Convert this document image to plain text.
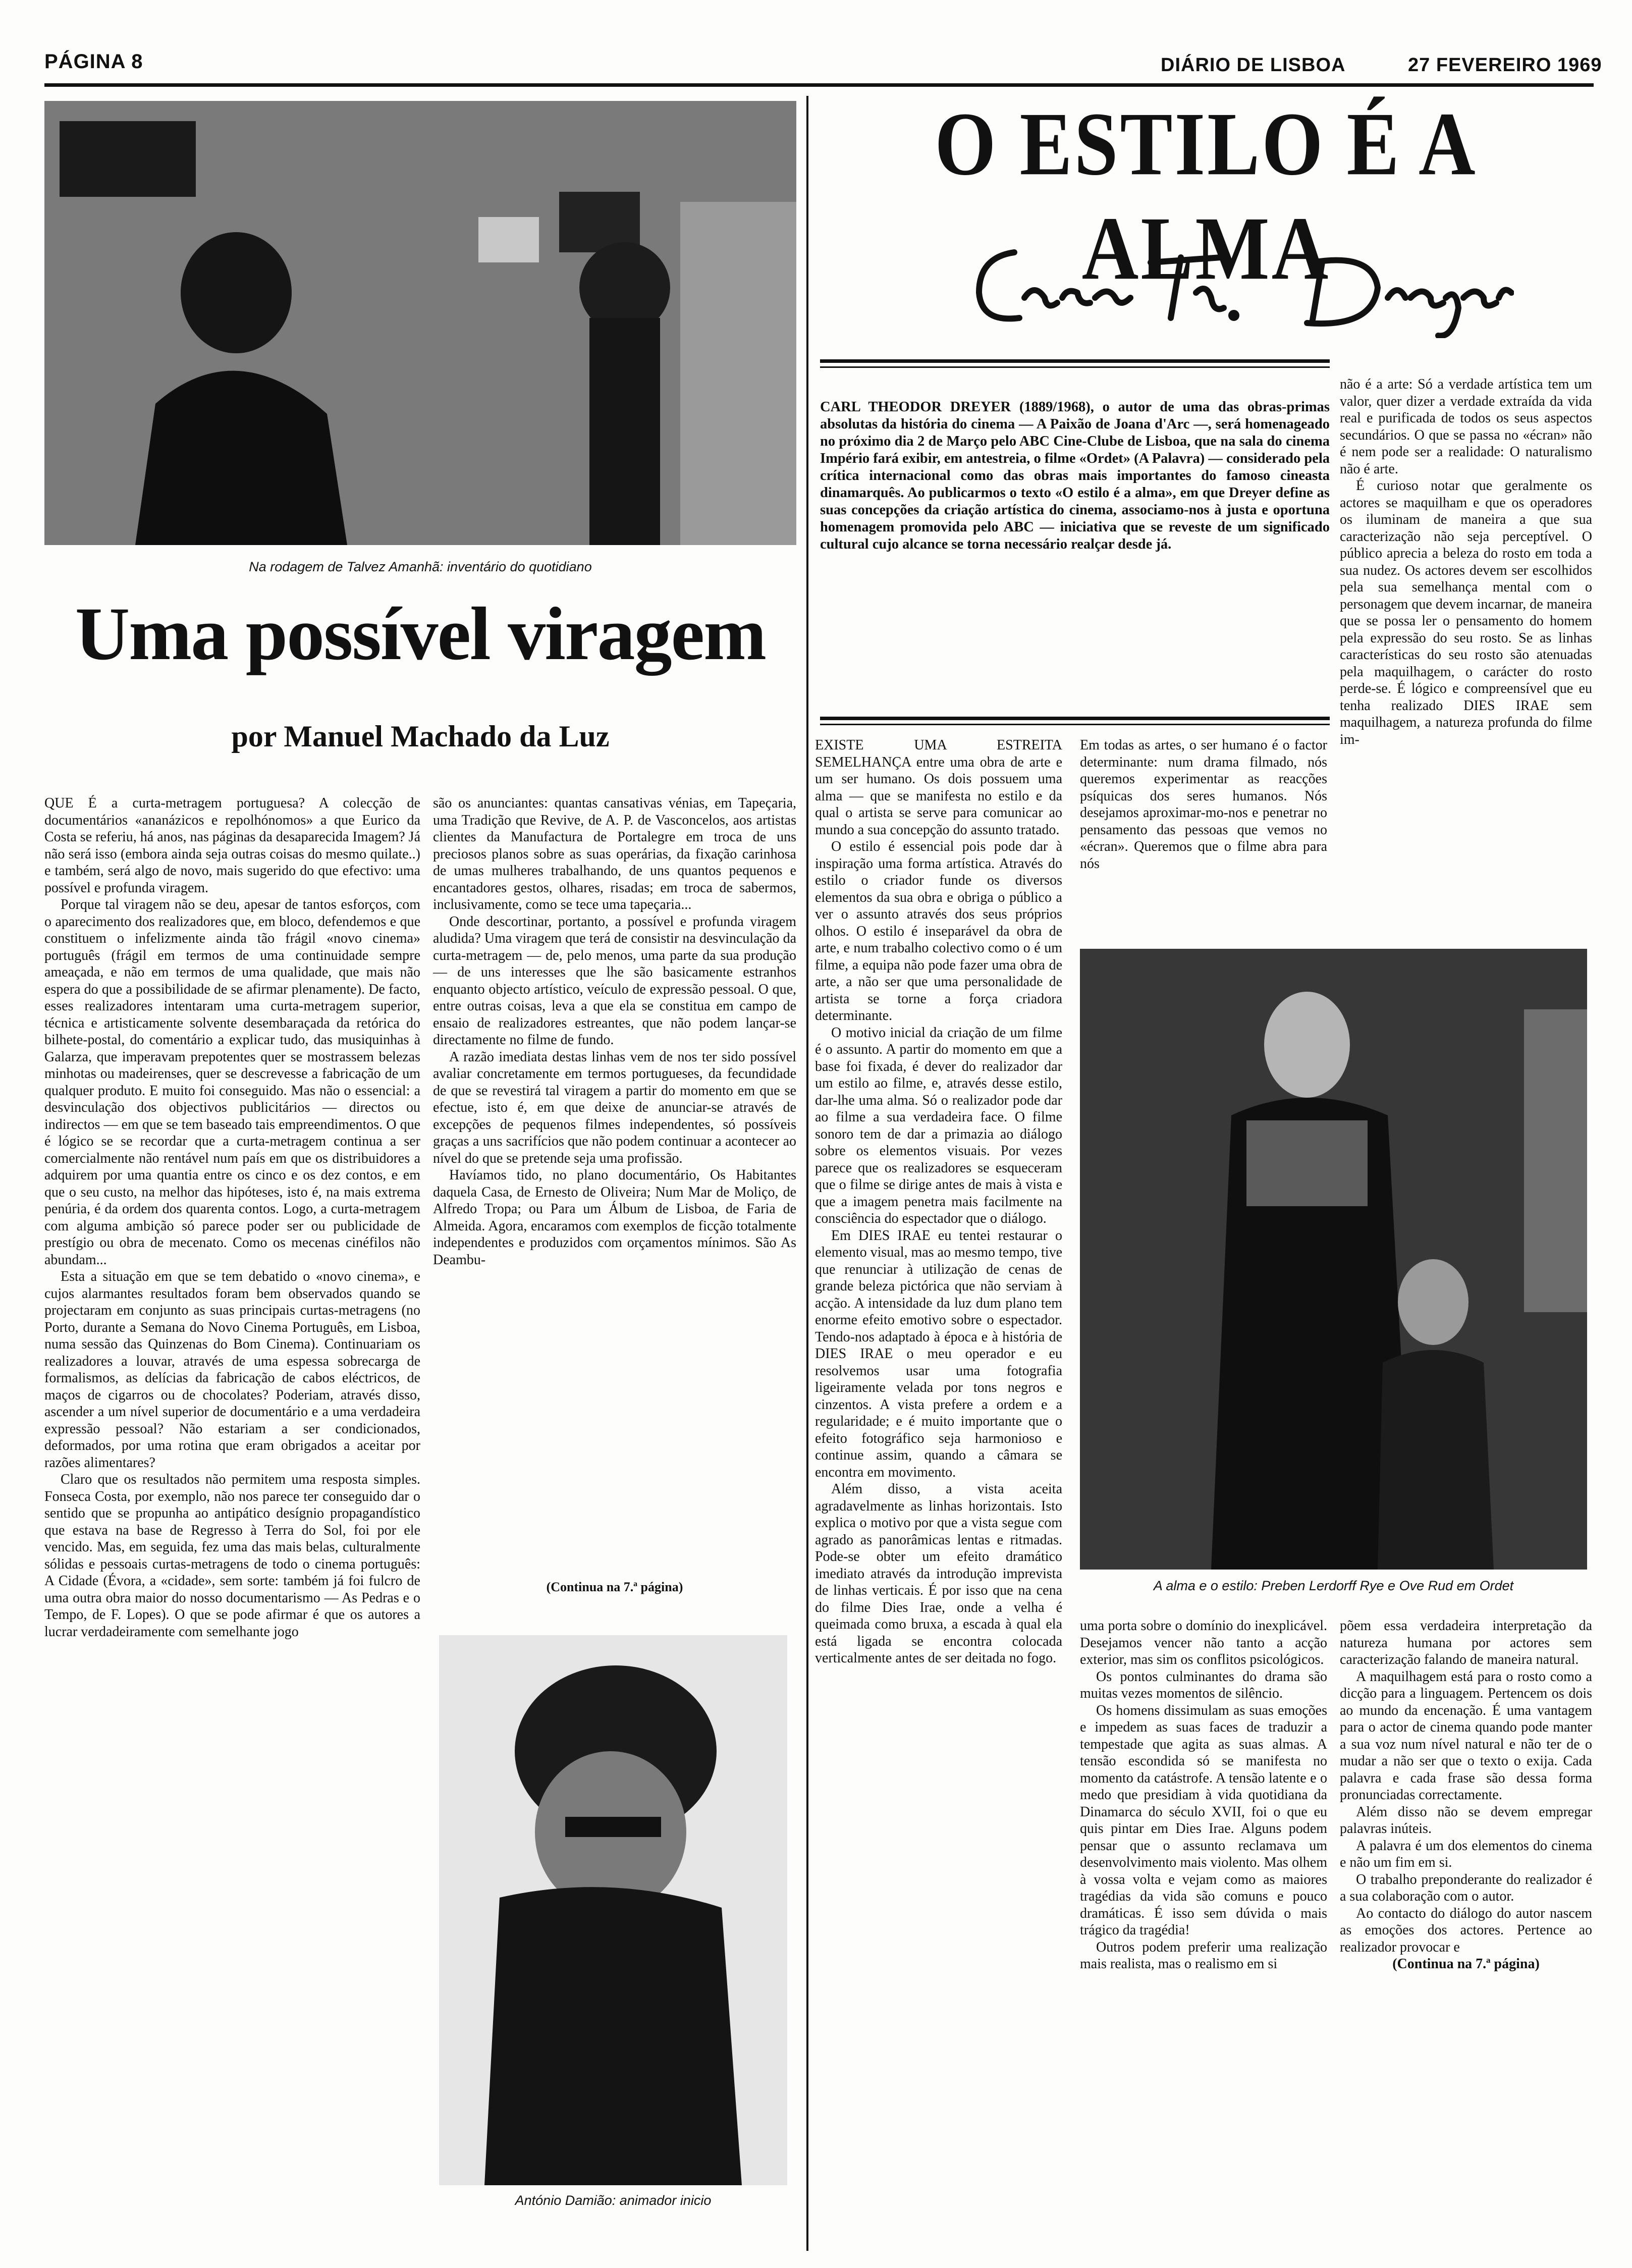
PÁGINA 8	DIÁRIO DE LISBOA	27 FEVEREIRO 1969
Na rodagem de Talvez Amanhã: inventário do quotidiano
Uma possível viragem
por Manuel Machado da Luz

QUE É a curta-metragem portuguesa? A colecção de documentários «ananázicos e repolhónomos» a que Eurico da Costa se referiu, há anos, nas páginas da desaparecida Imagem? Já não será isso (embora ainda seja outras coisas do mesmo quilate..) e também, será algo de novo, mais sugerido do que efectivo: uma possível e profunda viragem.

Porque tal viragem não se deu, apesar de tantos esforços, com o aparecimento dos realizadores que, em bloco, defendemos e que constituem o infelizmente ainda tão frágil «novo cinema» português (frágil em termos de uma continuidade sempre ameaçada, e não em termos de uma qualidade, que mais não espera do que a possibilidade de se afirmar plenamente). De facto, esses realizadores intentaram uma curta-metragem superior, técnica e artisticamente solvente desembaraçada da retórica do bilhete-postal, do comentário a explicar tudo, das musiquinhas à Galarza, que imperavam prepotentes quer se mostrassem belezas minhotas ou madeirenses, quer se descrevesse a fabricação de um qualquer produto. E muito foi conseguido. Mas não o essencial: a desvinculação dos objectivos publicitários — directos ou indirectos — em que se tem baseado tais empreendimentos. O que é lógico se se recordar que a curta-metragem continua a ser comercialmente não rentável num país em que os distribuidores a adquirem por uma quantia entre os cinco e os dez contos, e em que o seu custo, na melhor das hipóteses, isto é, na mais extrema penúria, é da ordem dos quarenta contos. Logo, a curta-metragem com alguma ambição só parece poder ser ou publicidade de prestígio ou obra de mecenato. Como os mecenas cinéfilos não abundam...

Esta a situação em que se tem debatido o «novo cinema», e cujos alarmantes resultados foram bem observados quando se projectaram em conjunto as suas principais curtas-metragens (no Porto, durante a Semana do Novo Cinema Português, em Lisboa, numa sessão das Quinzenas do Bom Cinema). Continuariam os realizadores a louvar, através de uma espessa sobrecarga de formalismos, as delícias da fabricação de cabos eléctricos, de maços de cigarros ou de chocolates? Poderiam, através disso, ascender a um nível superior de documentário e a uma verdadeira expressão pessoal? Não estariam a ser condicionados, deformados, por uma rotina que eram obrigados a aceitar por razões alimentares?

Claro que os resultados não permitem uma resposta simples. Fonseca Costa, por exemplo, não nos parece ter conseguido dar o sentido que se propunha ao antipático desígnio propagandístico que estava na base de Regresso à Terra do Sol, foi por ele vencido. Mas, em seguida, fez uma das mais belas, culturalmente sólidas e pessoais curtas-metragens de todo o cinema português: A Cidade (Évora, a «cidade», sem sorte: também já foi fulcro de uma outra obra maior do nosso documentarismo — As Pedras e o Tempo, de F. Lopes). O que se pode afirmar é que os autores a lucrar verdadeiramente com semelhante jogo

são os anunciantes: quantas cansativas vénias, em Tapeçaria, uma Tradição que Revive, de A. P. de Vasconcelos, aos artistas clientes da Manufactura de Portalegre em troca de uns preciosos planos sobre as suas operárias, da fixação carinhosa de umas mulheres trabalhando, de uns quantos pequenos e encantadores gestos, olhares, risadas; em troca de sabermos, inclusivamente, como se tece uma tapeçaria...

Onde descortinar, portanto, a possível e profunda viragem aludida? Uma viragem que terá de consistir na desvinculação da curta-metragem — de, pelo menos, uma parte da sua produção — de uns interesses que lhe são basicamente estranhos enquanto objecto artístico, veículo de expressão pessoal. O que, entre outras coisas, leva a que ela se constitua em campo de ensaio de realizadores estreantes, que não podem lançar-se directamente no filme de fundo.

A razão imediata destas linhas vem de nos ter sido possível avaliar concretamente em termos portugueses, da fecundidade de que se revestirá tal viragem a partir do momento em que se efectue, isto é, em que deixe de anunciar-se através de excepções de pequenos filmes independentes, só possíveis graças a uns sacrifícios que não podem continuar a acontecer ao nível do que se pretende seja uma profissão.

Havíamos tido, no plano documentário, Os Habitantes daquela Casa, de Ernesto de Oliveira; Num Mar de Moliço, de Alfredo Tropa; ou Para um Álbum de Lisboa, de Faria de Almeida. Agora, encaramos com exemplos de ficção totalmente independentes e produzidos com orçamentos mínimos. São As Deambu-

(Continua na 7.ª página)
António Damião: animador inicio
O ESTILO É A ALMA
CARL THEODOR DREYER (1889/1968), o autor de uma das obras-primas absolutas da história do cinema — A Paixão de Joana d'Arc —, será homenageado no próximo dia 2 de Março pelo ABC Cine-Clube de Lisboa, que na sala do cinema Império fará exibir, em antestreia, o filme «Ordet» (A Palavra) — considerado pela crítica internacional como das obras mais importantes do famoso cineasta dinamarquês. Ao publicarmos o texto «O estilo é a alma», em que Dreyer define as suas concepções da criação artística do cinema, associamo-nos à justa e oportuna homenagem promovida pelo ABC — iniciativa que se reveste de um significado cultural cujo alcance se torna necessário realçar desde já.

EXISTE UMA ESTREITA SEMELHANÇA entre uma obra de arte e um ser humano. Os dois possuem uma alma — que se manifesta no estilo e da qual o artista se serve para comunicar ao mundo a sua concepção do assunto tratado.

O estilo é essencial pois pode dar à inspiração uma forma artística. Através do estilo o criador funde os diversos elementos da sua obra e obriga o público a ver o assunto através dos seus próprios olhos. O estilo é inseparável da obra de arte, e num trabalho colectivo como o é um filme, a equipa não pode fazer uma obra de arte, a não ser que uma personalidade de artista se torne a força criadora determinante.

O motivo inicial da criação de um filme é o assunto. A partir do momento em que a base foi fixada, é dever do realizador dar um estilo ao filme, e, através desse estilo, dar-lhe uma alma. Só o realizador pode dar ao filme a sua verdadeira face. O filme sonoro tem de dar a primazia ao diálogo sobre os elementos visuais. Por vezes parece que os realizadores se esqueceram que o filme se dirige antes de mais à vista e que a imagem penetra mais facilmente na consciência do espectador que o diálogo.

Em DIES IRAE eu tentei restaurar o elemento visual, mas ao mesmo tempo, tive que renunciar à utilização de cenas de grande beleza pictórica que não serviam à acção. A intensidade da luz dum plano tem enorme efeito emotivo sobre o espectador. Tendo-nos adaptado à época e à história de DIES IRAE o meu operador e eu resolvemos usar uma fotografia ligeiramente velada por tons negros e cinzentos. A vista prefere a ordem e a regularidade; e é muito importante que o efeito fotográfico seja harmonioso e continue assim, quando a câmara se encontra em movimento.

Além disso, a vista aceita agradavelmente as linhas horizontais. Isto explica o motivo por que a vista segue com agrado as panorâmicas lentas e ritmadas. Pode-se obter um efeito dramático imediato através da introdução imprevista de linhas verticais. É por isso que na cena do filme Dies Irae, onde a velha é queimada como bruxa, a escada à qual ela está ligada se encontra colocada verticalmente antes de ser deitada no fogo.

Em todas as artes, o ser humano é o factor determinante: num drama filmado, nós queremos experimentar as reacções psíquicas dos seres humanos. Nós desejamos aproximar-mo-nos e penetrar no pensamento das pessoas que vemos no «écran». Queremos que o filme abra para nós

não é a arte: Só a verdade artística tem um valor, quer dizer a verdade extraída da vida real e purificada de todos os seus aspectos secundários. O que se passa no «écran» não é nem pode ser a realidade: O naturalismo não é arte.

É curioso notar que geralmente os actores se maquilham e que os operadores os iluminam de maneira a que sua caracterização não seja perceptível. O público aprecia a beleza do rosto em toda a sua nudez. Os actores devem ser escolhidos pela sua semelhança mental com o personagem que devem incarnar, de maneira que se possa ler o pensamento do homem pela expressão do seu rosto. Se as linhas características do seu rosto são atenuadas pela maquilhagem, o carácter do rosto perde-se. É lógico e compreensível que eu tenha realizado DIES IRAE sem maquilhagem, a natureza profunda do filme im-

A alma e o estilo: Preben Lerdorff Rye e Ove Rud em Ordet

uma porta sobre o domínio do inexplicável. Desejamos vencer não tanto a acção exterior, mas sim os conflitos psicológicos.

Os pontos culminantes do drama são muitas vezes momentos de silêncio.

Os homens dissimulam as suas emoções e impedem as suas faces de traduzir a tempestade que agita as suas almas. A tensão escondida só se manifesta no momento da catástrofe. A tensão latente e o medo que presidiam à vida quotidiana da Dinamarca do século XVII, foi o que eu quis pintar em Dies Irae. Alguns podem pensar que o assunto reclamava um desenvolvimento mais violento. Mas olhem à vossa volta e vejam como as maiores tragédias da vida são comuns e pouco dramáticas. É isso sem dúvida o mais trágico da tragédia!

Outros podem preferir uma realização mais realista, mas o realismo em si

põem essa verdadeira interpretação da natureza humana por actores sem caracterização falando de maneira natural.

A maquilhagem está para o rosto como a dicção para a linguagem. Pertencem os dois ao mundo da encenação. É uma vantagem para o actor de cinema quando pode manter a sua voz num nível natural e não ter de o mudar a não ser que o texto o exija. Cada palavra e cada frase são dessa forma pronunciadas correctamente.

Além disso não se devem empregar palavras inúteis.

A palavra é um dos elementos do cinema e não um fim em si.

O trabalho preponderante do realizador é a sua colaboração com o autor.

Ao contacto do diálogo do autor nascem as emoções dos actores. Pertence ao realizador provocar e

(Continua na 7.ª página)
